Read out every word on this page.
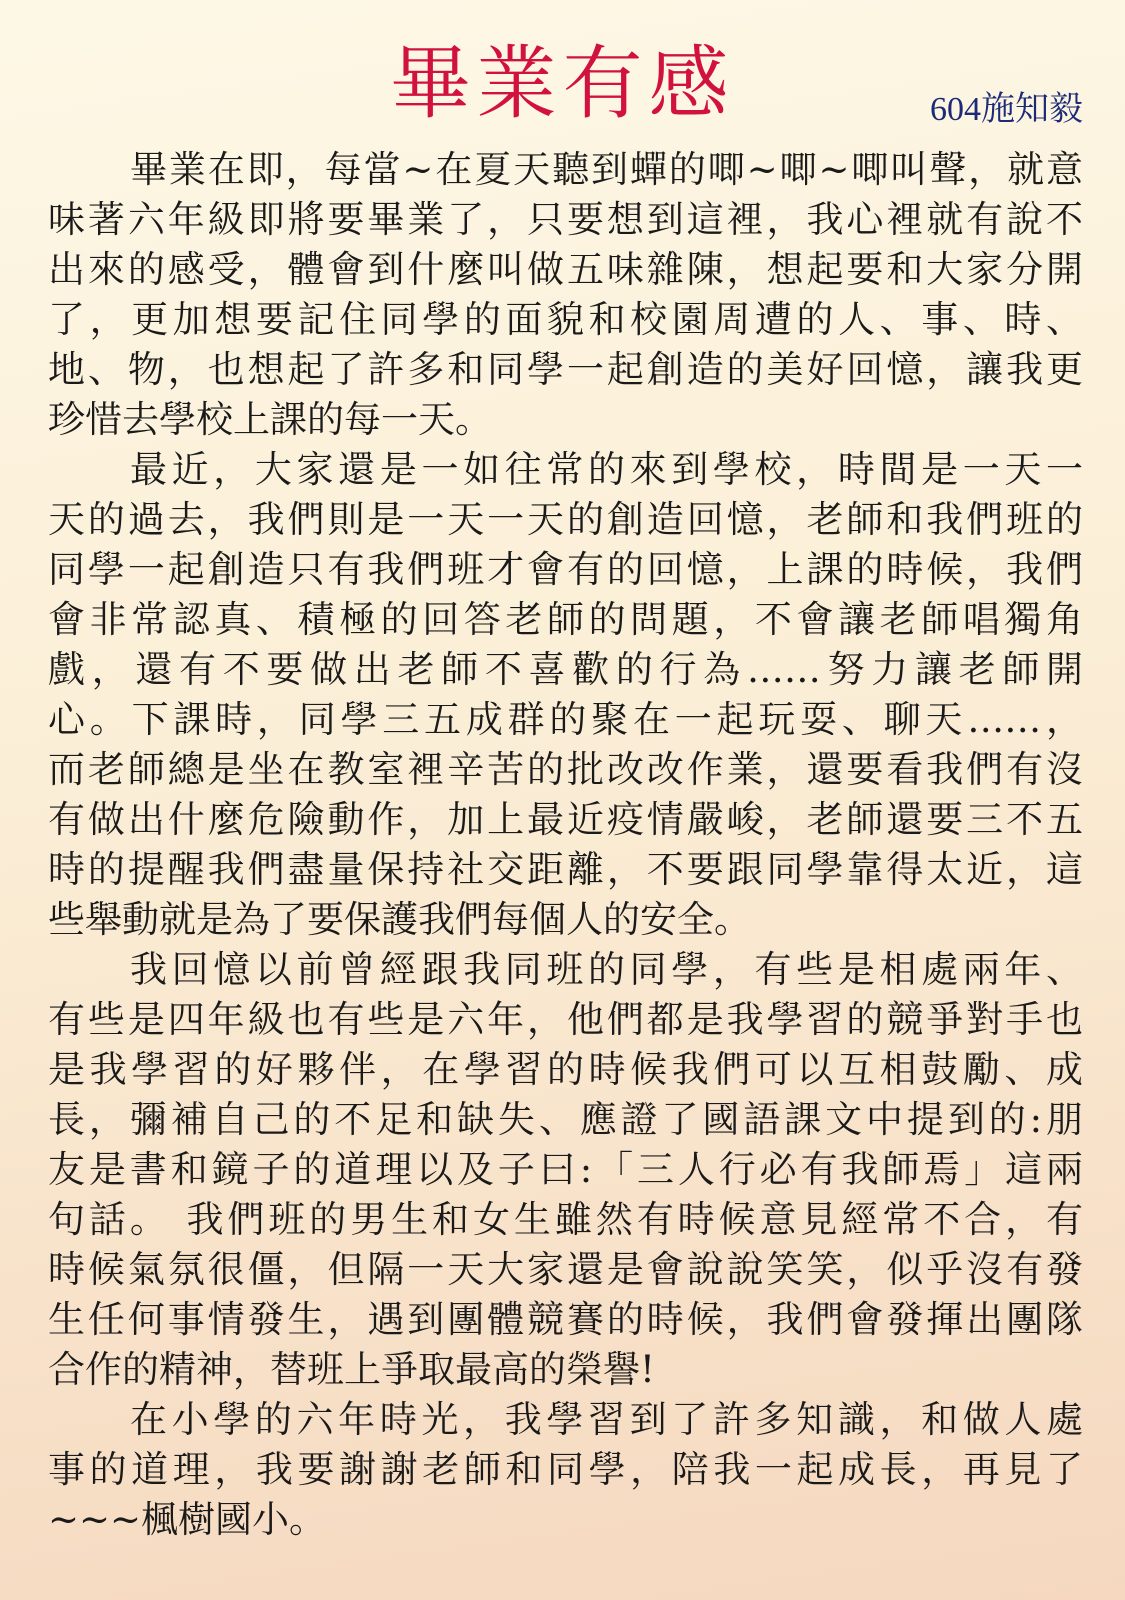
畢業有感	604施知毅
畢業在即，每當~在夏天聽到蟬的唧~唧~唧叫聲，就意
味著六年級即將要畢業了，只要想到這裡，我心裡就有說不
出來的感受，體會到什麼叫做五味雜陳，想起要和大家分開
了，更加想要記住同學的面貌和校園周遭的人、事、時、
地、物，也想起了許多和同學一起創造的美好回憶，讓我更
珍惜去學校上課的每一天。
最近，大家還是一如往常的來到學校，時間是一天一
天的過去，我們則是一天一天的創造回憶，老師和我們班的
同學一起創造只有我們班才會有的回憶，上課的時候，我們
會非常認真、積極的回答老師的問題，不會讓老師唱獨角
戲，還有不要做出老師不喜歡的行為……努力讓老師開
心。下課時，同學三五成群的聚在一起玩耍、聊天……，
而老師總是坐在教室裡辛苦的批改改作業，還要看我們有沒
有做出什麼危險動作，加上最近疫情嚴峻，老師還要三不五
時的提醒我們盡量保持社交距離，不要跟同學靠得太近，這
些舉動就是為了要保護我們每個人的安全。
我回憶以前曾經跟我同班的同學，有些是相處兩年、
有些是四年級也有些是六年，他們都是我學習的競爭對手也
是我學習的好夥伴，在學習的時候我們可以互相鼓勵、成
長，彌補自己的不足和缺失、應證了國語課文中提到的:朋
友是書和鏡子的道理以及子曰:「三人行必有我師焉」這兩
句話。 我們班的男生和女生雖然有時候意見經常不合，有
時候氣氛很僵，但隔一天大家還是會說說笑笑，似乎沒有發
生任何事情發生，遇到團體競賽的時候，我們會發揮出團隊
合作的精神，替班上爭取最高的榮譽!
在小學的六年時光，我學習到了許多知識，和做人處
事的道理，我要謝謝老師和同學，陪我一起成長，再見了
~~~楓樹國小。
